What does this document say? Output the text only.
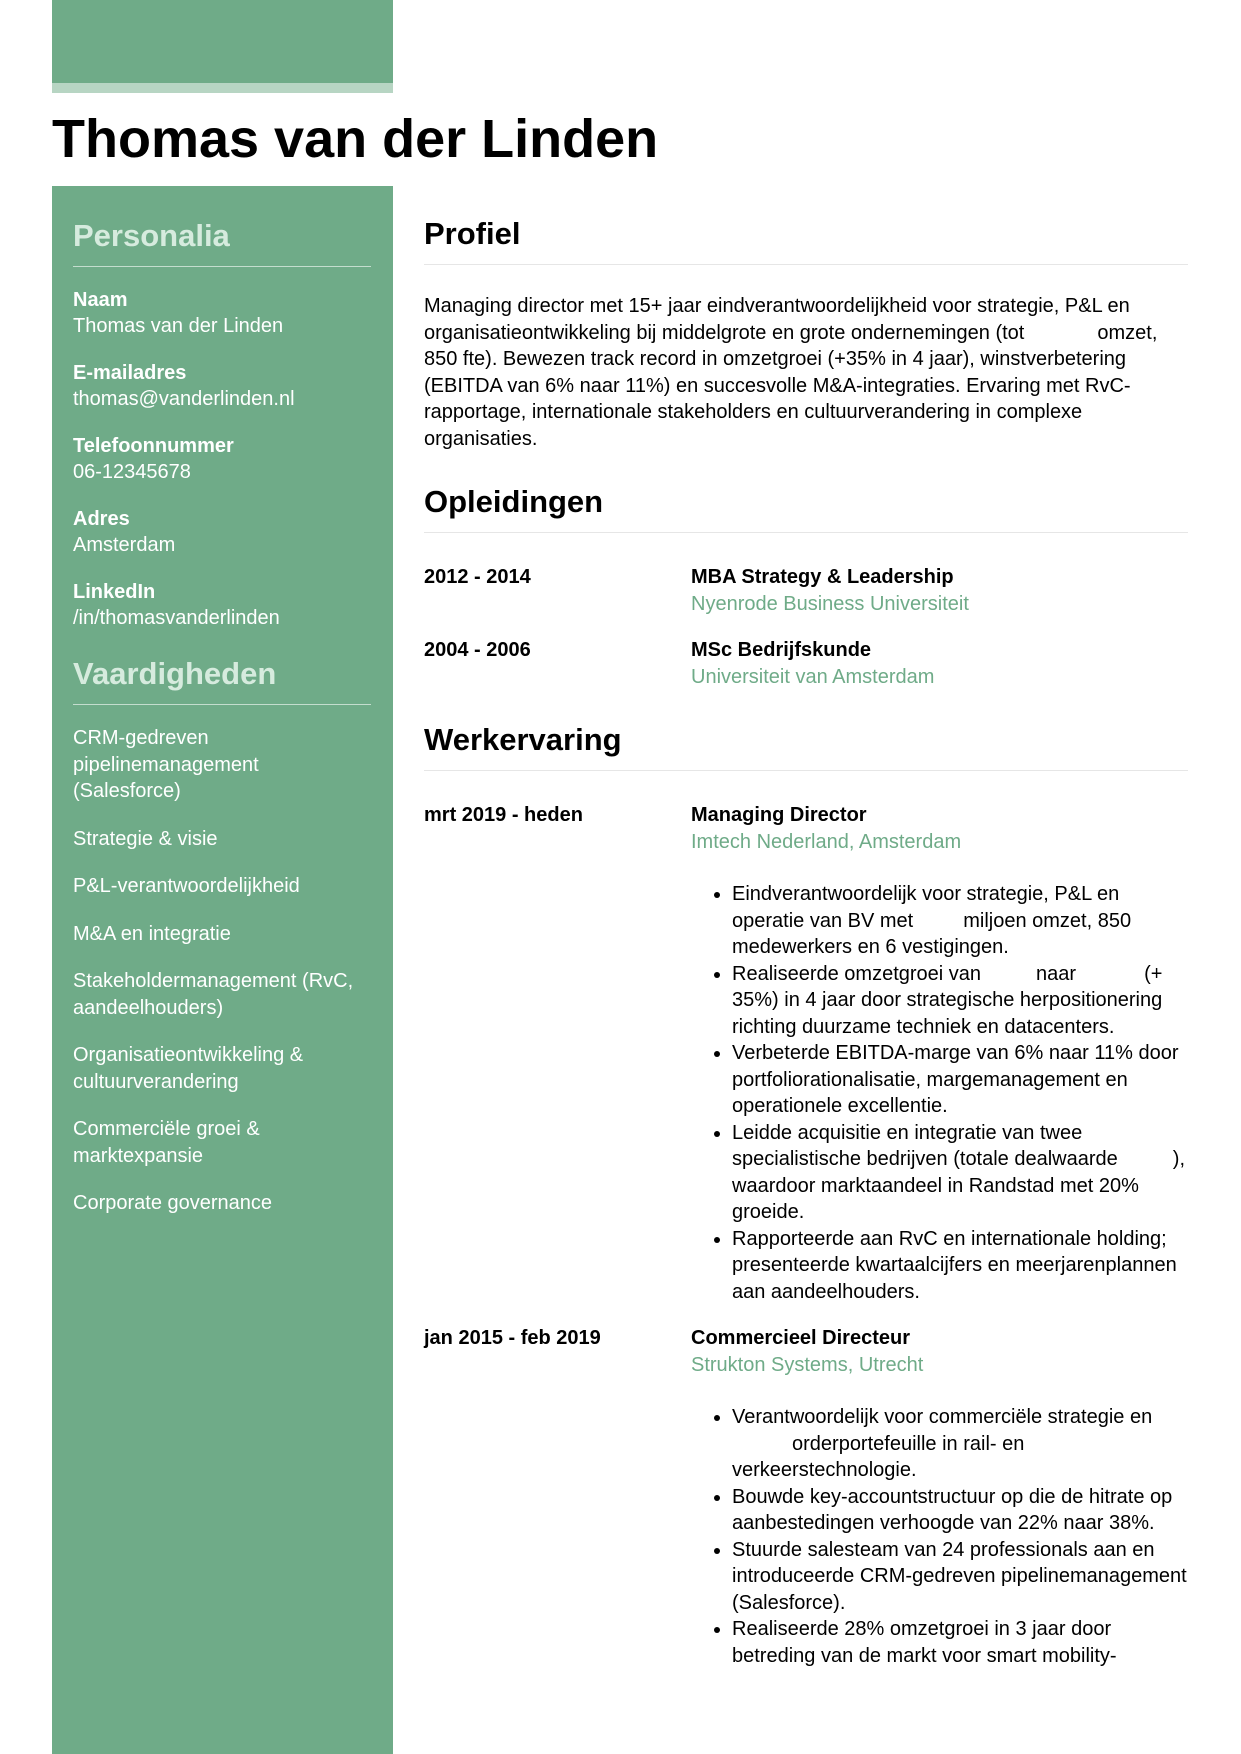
Thomas van der Linden
Personalia
Naam
Thomas van der Linden
E-mailadres
thomas@vanderlinden.nl
Telefoonnummer
06-12345678
Adres
Amsterdam
LinkedIn
/in/thomasvanderlinden
Vaardigheden
CRM-gedreven pipelinemanagement (Salesforce)
Strategie & visie
P&L-verantwoordelijkheid
M&A en integratie
Stakeholdermanagement (RvC, aandeelhouders)
Organisatieontwikkeling & cultuurverandering
Commerciële groei & marktexpansie
Corporate governance
Profiel

Managing director met 15+ jaar eindverantwoordelijkheid voor strategie, P&L en organisatieontwikkeling bij middelgrote en grote ondernemingen (tot	omzet, 850 fte). Bewezen track record in omzetgroei (+35% in 4 jaar), winstverbetering (EBITDA van 6% naar 11%) en succesvolle M&A-integraties. Ervaring met RvC-rapportage, internationale stakeholders en cultuurverandering in complexe organisaties.

Opleidingen
2012 - 2014	MBA Strategy & Leadership
Nyenrode Business Universiteit
2004 - 2006	MSc Bedrijfskunde
Universiteit van Amsterdam
Werkervaring
mrt 2019 - heden	Managing Director
Imtech Nederland, Amsterdam
• Eindverantwoordelijk voor strategie, P&L en operatie van BV met	miljoen omzet, 850 medewerkers en 6 vestigingen.
• Realiseerde omzetgroei van	naar	(+ 35%) in 4 jaar door strategische herpositionering richting duurzame techniek en datacenters.
• Verbeterde EBITDA-marge van 6% naar 11% door portfoliorationalisatie, margemanagement en operationele excellentie.
• Leidde acquisitie en integratie van twee specialistische bedrijven (totale dealwaarde	), waardoor marktaandeel in Randstad met 20% groeide.
• Rapporteerde aan RvC en internationale holding; presenteerde kwartaalcijfers en meerjarenplannen aan aandeelhouders.
jan 2015 - feb 2019	Commercieel Directeur
Strukton Systems, Utrecht
• Verantwoordelijk voor commerciële strategie enorderportefeuille in rail- en verkeerstechnologie.
• Bouwde key-accountstructuur op die de hitrate op aanbestedingen verhoogde van 22% naar 38%.
• Stuurde salesteam van 24 professionals aan en introduceerde CRM-gedreven pipelinemanagement (Salesforce).
• Realiseerde 28% omzetgroei in 3 jaar door betreding van de markt voor smart mobility-
